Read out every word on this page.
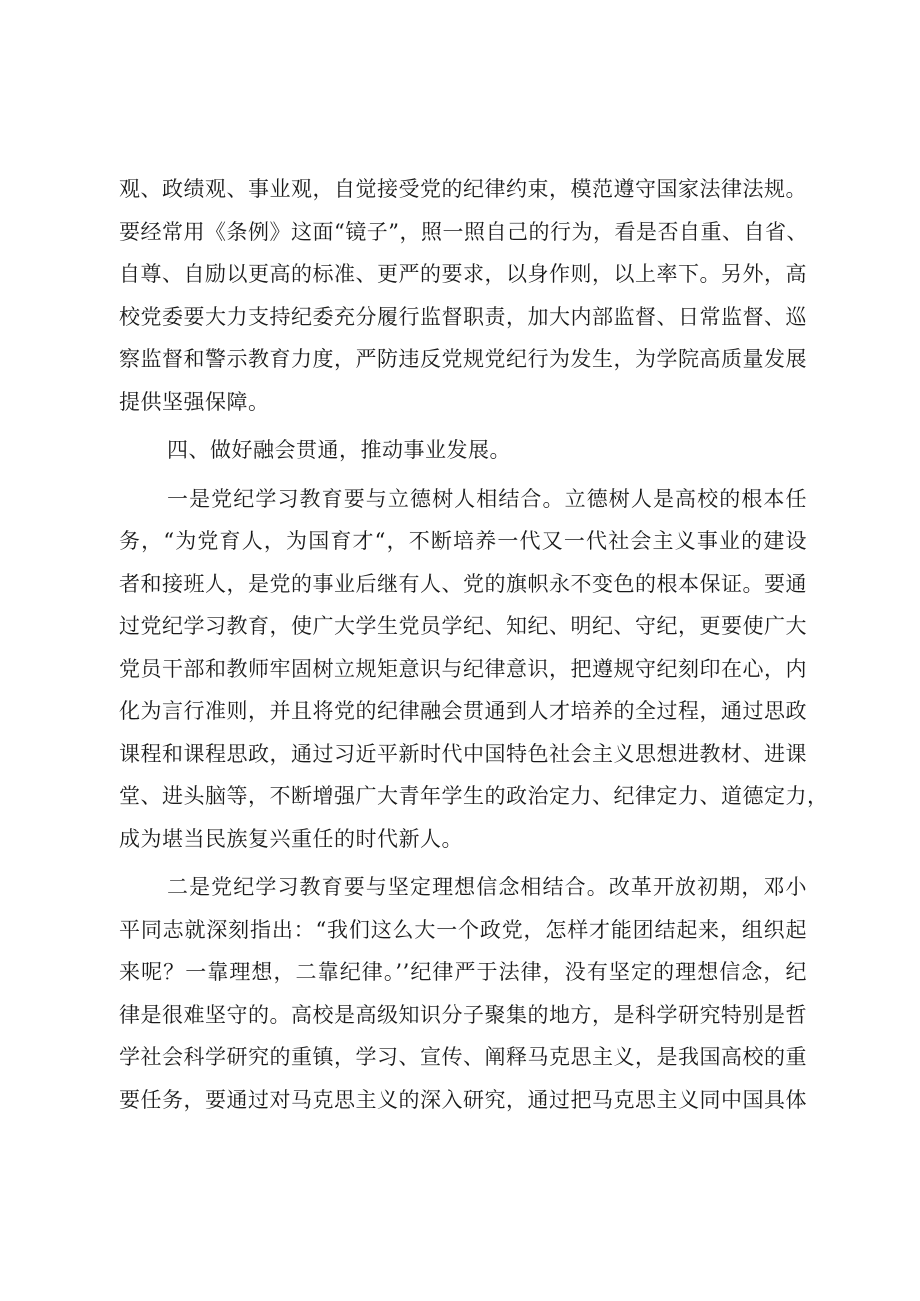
观、政绩观、事业观，自觉接受党的纪律约束，模范遵守国家法律法规。
要经常用《条例》这面“镜子”，照一照自己的行为，看是否自重、自省、
自尊、自励以更高的标准、更严的要求，以身作则，以上率下。另外，高
校党委要大力支持纪委充分履行监督职责，加大内部监督、日常监督、巡
察监督和警示教育力度，严防违反党规党纪行为发生，为学院高质量发展
提供坚强保障。
四、做好融会贯通，推动事业发展。
一是党纪学习教育要与立德树人相结合。立德树人是高校的根本任
务，“为党育人，为国育才“，不断培养一代又一代社会主义事业的建设
者和接班人，是党的事业后继有人、党的旗帜永不变色的根本保证。要通
过党纪学习教育，使广大学生党员学纪、知纪、明纪、守纪，更要使广大
党员干部和教师牢固树立规矩意识与纪律意识，把遵规守纪刻印在心，内
化为言行准则，并且将党的纪律融会贯通到人才培养的全过程，通过思政
课程和课程思政，通过习近平新时代中国特色社会主义思想进教材、进课
堂、进头脑等，不断增强广大青年学生的政治定力、纪律定力、道德定力，
成为堪当民族复兴重任的时代新人。
二是党纪学习教育要与坚定理想信念相结合。改革开放初期，邓小
平同志就深刻指出：“我们这么大一个政党，怎样才能团结起来，组织起
来呢？一靠理想，二靠纪律。’’纪律严于法律，没有坚定的理想信念，纪
律是很难坚守的。高校是高级知识分子聚集的地方，是科学研究特别是哲
学社会科学研究的重镇，学习、宣传、阐释马克思主义，是我国高校的重
要任务，要通过对马克思主义的深入研究，通过把马克思主义同中国具体
